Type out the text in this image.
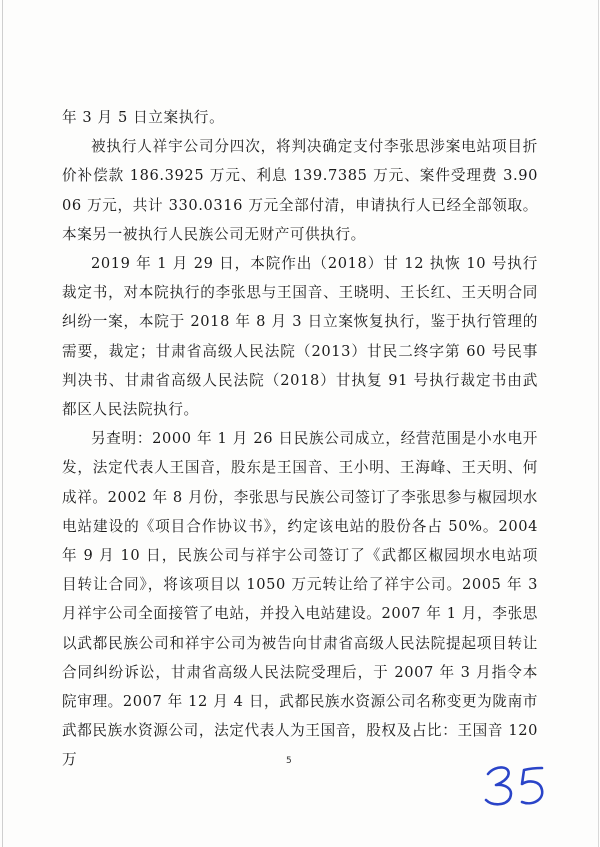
年 3 月 5 日立案执行。

被执行人祥宇公司分四次，将判决确定支付李张思涉案电站项目折价补偿款 186.3925 万元、利息 139.7385 万元、案件受理费 3.9006 万元，共计 330.0316 万元全部付清，申请执行人已经全部领取。本案另一被执行人民族公司无财产可供执行。

2019 年 1 月 29 日，本院作出（2018）甘 12 执恢 10 号执行裁定书，对本院执行的李张思与王国音、王晓明、王长红、王天明合同纠纷一案，本院于 2018 年 8 月 3 日立案恢复执行，鉴于执行管理的需要，裁定；甘肃省高级人民法院（2013）甘民二终字第 60 号民事判决书、甘肃省高级人民法院（2018）甘执复 91 号执行裁定书由武都区人民法院执行。

另查明：2000 年 1 月 26 日民族公司成立，经营范围是小水电开发，法定代表人王国音，股东是王国音、王小明、王海峰、王天明、何成祥。2002 年 8 月份，李张思与民族公司签订了李张思参与椒园坝水电站建设的《项目合作协议书》，约定该电站的股份各占 50%。2004 年 9 月 10 日，民族公司与祥宇公司签订了《武都区椒园坝水电站项目转让合同》，将该项目以 1050 万元转让给了祥宇公司。2005 年 3 月祥宇公司全面接管了电站，并投入电站建设。2007 年 1 月，李张思以武都民族公司和祥宇公司为被告向甘肃省高级人民法院提起项目转让合同纠纷诉讼，甘肃省高级人民法院受理后，于 2007 年 3 月指令本院审理。2007 年 12 月 4 日，武都民族水资源公司名称变更为陇南市武都民族水资源公司，法定代表人为王国音，股权及占比：王国音 120 万	5
